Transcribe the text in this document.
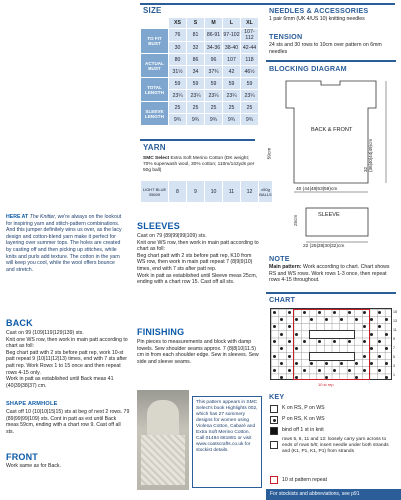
SIZE
	XS	S	M	L	XL
TO FIT BUST	76	81	86-91	97-102	107-112
	30	32	34-36	38-40	42-44
ACTUAL BUST	80	86	96	107	118
	31½	34	37¾	42	46½
TOTAL LENGTH	59	59	59	59	59
	23¼	23¼	23¼	23¼	23¼
SLEEVE LENGTH	25	25	25	25	25
	9¾	9¾	9¾	9¾	9¾
YARN
SMC Select Extra Soft Merino Cotton (DK weight; 70% superwash wool, 30% cotton; 110m/142yds per 50g ball)
LIGHT BLUE 05609	8	9	10	11	12	x50g BALLS
NEEDLES & ACCESSORIES
1 pair 6mm (UK 4/US 10) knitting needles
TENSION
24 sts and 30 rows to 10cm over pattern on 6mm needles
BLOCKING DIAGRAM
BACK & FRONT
59cm
32 (36|40|44|49)cm
40 (44|48|53|59)cm
SLEEVE
25cm
22 (25|28|30|32)cm
NOTE
Main pattern: Work according to chart. Chart shows RS and WS rows. Work rows 1-3 once, then repeat rows 4-15 throughout.
CHART
15
13
11
9
7
5
3
1
10 st rep
KEY
K on RS, P on WS
P on RS, K on WS
bind off 1 st in knit
rows 5, 6, 11 and 12: loosely carry yarn across to ends of rows 5/6; insert needle under both strands and (K1, P1, K1, P1) from strands
10 st pattern repeat
For stockists and abbreviations, see p91
HERE AT The Knitter, we're always on the lookout for inspiring yarn and stitch-pattern combinations. And this jumper definitely wins us over, as the lacy design and cotton-blend yarn make it perfect for layering over summer tops. The holes are created by casting off and then picking up stitches, while knits and purls add texture. The cotton in the yarn will keep you cool, while the wool offers bounce and stretch.
BACK
Cast on 99 (109|119|129|139) sts.
Knit one WS row, then work in main patt according to chart as foll:
Beg chart patt with 2 sts before patt rep, work 10-st patt repeat 9 (10|11|12|13) times, end with 7 sts after patt rep. Work Rows 1 to 15 once and then repeat rows 4-15 only.
Work in patt as established until Back meas 41 (40|39|38|37) cm.
SHAPE ARMHOLE
Cast off 10 (10|10|15|15) sts at beg of next 2 rows. 79 (89|99|99|109) sts. Cont in patt as est until Back meas 59cm, ending with a chart row 9. Cast off all sts.
FRONT
Work same as for Back.
SLEEVES
Cast on 79 (89|99|99|109) sts.
Knit one WS row, then work in main patt according to chart as foll:
Beg chart patt with 2 sts before patt rep, K10 from WS row, then work in main patt repeat 7 (8|9|9|10) times, end with 7 sts after patt rep.
Work in patt as established until Sleeve meas 25cm, ending with a chart row 15. Cast off all sts.
FINISHING
Pin pieces to measurements and block with damp towels. Sew shoulder seams approx. 7 (8|8|10|11.5) cm in from each shoulder edge. Sew in sleeves. Sew side and sleeve seams.
This pattern appears in SMC Select's book Highlights 002, which has 27 summery designs for women using Violena Cotton, Cabaré and Extra Soft Merino Cotton. Call 01484 681881 or visit www.coatscrafts.co.uk for stockist details.
